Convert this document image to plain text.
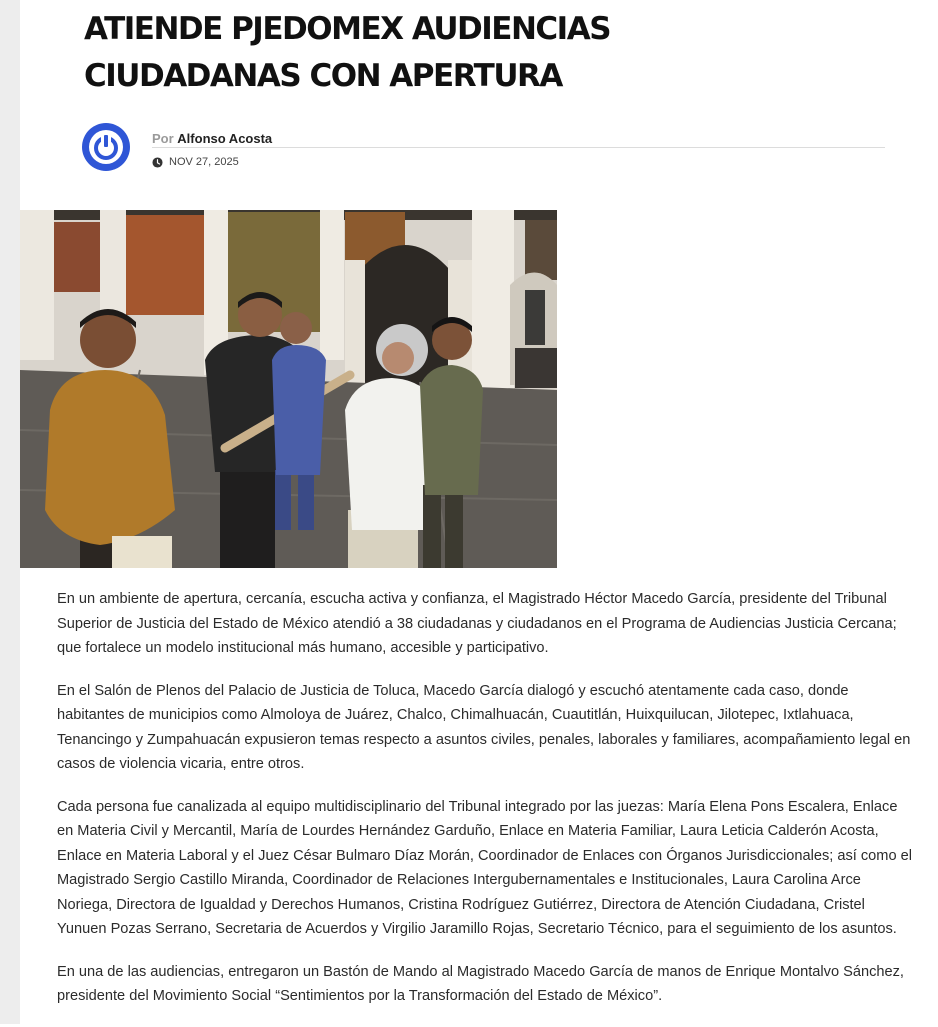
ATIENDE PJEDOMEX AUDIENCIAS CIUDADANAS CON APERTURA
Por Alfonso Acosta
NOV 27, 2025

En un ambiente de apertura, cercanía, escucha activa y confianza, el Magistrado Héctor Macedo García, presidente del Tribunal Superior de Justicia del Estado de México atendió a 38 ciudadanas y ciudadanos en el Programa de Audiencias Justicia Cercana; que fortalece un modelo institucional más humano, accesible y participativo.

En el Salón de Plenos del Palacio de Justicia de Toluca, Macedo García dialogó y escuchó atentamente cada caso, donde habitantes de municipios como Almoloya de Juárez, Chalco, Chimalhuacán, Cuautitlán, Huixquilucan, Jilotepec, Ixtlahuaca, Tenancingo y Zumpahuacán expusieron temas respecto a asuntos civiles, penales, laborales y familiares, acompañamiento legal en casos de violencia vicaria, entre otros.

Cada persona fue canalizada al equipo multidisciplinario del Tribunal integrado por las juezas: María Elena Pons Escalera, Enlace en Materia Civil y Mercantil, María de Lourdes Hernández Garduño, Enlace en Materia Familiar, Laura Leticia Calderón Acosta, Enlace en Materia Laboral y el Juez César Bulmaro Díaz Morán, Coordinador de Enlaces con Órganos Jurisdiccionales; así como el Magistrado Sergio Castillo Miranda, Coordinador de Relaciones Intergubernamentales e Institucionales, Laura Carolina Arce Noriega, Directora de Igualdad y Derechos Humanos, Cristina Rodríguez Gutiérrez, Directora de Atención Ciudadana, Cristel Yunuen Pozas Serrano, Secretaria de Acuerdos y Virgilio Jaramillo Rojas, Secretario Técnico, para el seguimiento de los asuntos.

En una de las audiencias, entregaron un Bastón de Mando al Magistrado Macedo García de manos de Enrique Montalvo Sánchez, presidente del Movimiento Social “Sentimientos por la Transformación del Estado de México”.
